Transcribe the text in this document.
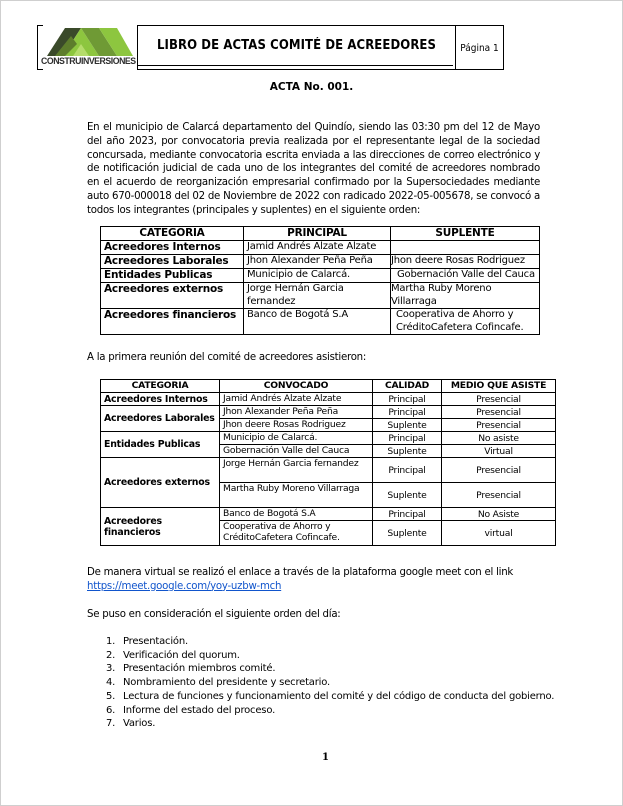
CONSTRUINVERSIONES
LIBRO DE ACTAS COMITÉ DE ACREEDORES	Página 1
ACTA No. 001.
En el municipio de Calarcá departamento del Quindío, siendo las 03:30 pm del 12 de Mayo del año 2023, por convocatoria previa realizada por el representante legal de la sociedad concursada, mediante convocatoria escrita enviada a las direcciones de correo electrónico y de notificación judicial de cada uno de los integrantes del comité de acreedores nombrado en el acuerdo de reorganización empresarial confirmado por la Supersociedades mediante auto 670-000018 del 02 de Noviembre de 2022 con radicado 2022-05-005678, se convocó a todos los integrantes (principales y suplentes) en el siguiente orden:
CATEGORIA	PRINCIPAL	SUPLENTE
Acreedores Internos	Jamid Andrés Alzate Alzate	
Acreedores Laborales	Jhon Alexander Peña Peña	Jhon deere Rosas Rodriguez
Entidades Publicas	Municipio de Calarcá.	Gobernación Valle del Cauca
Acreedores externos	Jorge Hernán Garcia fernandez	Martha Ruby Moreno Villarraga
Acreedores financieros	Banco de Bogotá S.A	Cooperativa de Ahorro y CréditoCafetera Cofincafe.
A la primera reunión del comité de acreedores asistieron:
CATEGORIA	CONVOCADO	CALIDAD	MEDIO QUE ASISTE
Acreedores Internos	Jamid Andrés Alzate Alzate	Principal	Presencial
Acreedores Laborales	Jhon Alexander Peña Peña	Principal	Presencial
	Jhon deere Rosas Rodriguez	Suplente	Presencial
Entidades Publicas	Municipio de Calarcá.	Principal	No asiste
	Gobernación Valle del Cauca	Suplente	Virtual
Acreedores externos	Jorge Hernán Garcia fernandez	Principal	Presencial
	Martha Ruby Moreno Villarraga	Suplente	Presencial
Acreedores financieros	Banco de Bogotá S.A	Principal	No Asiste
	Cooperativa de Ahorro y CréditoCafetera Cofincafe.	Suplente	virtual
De manera virtual se realizó el enlace a través de la plataforma google meet con el link
https://meet.google.com/yoy-uzbw-mch
Se puso en consideración el siguiente orden del día:
1. Presentación.
2. Verificación del quorum.
3. Presentación miembros comité.
4. Nombramiento del presidente y secretario.
5. Lectura de funciones y funcionamiento del comité y del código de conducta del gobierno.
6. Informe del estado del proceso.
7. Varios.
1
